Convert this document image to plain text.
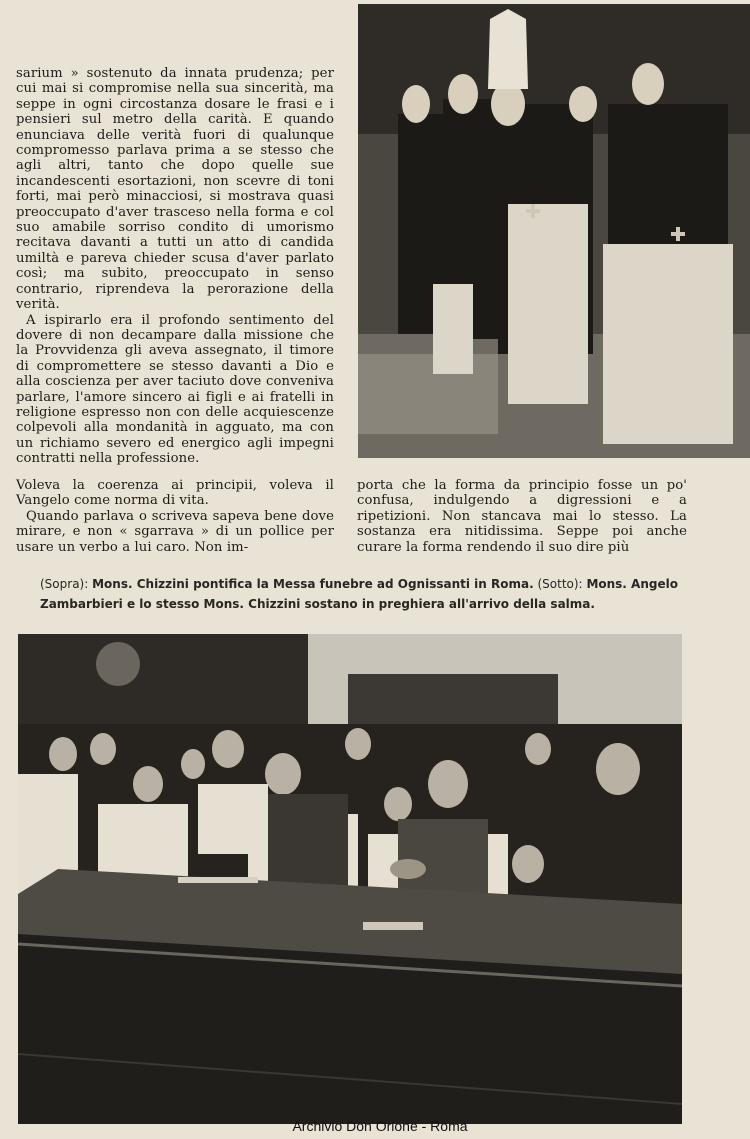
sarium » sostenuto da innata prudenza; per cui mai si compromise nella sua sincerità, ma seppe in ogni circostanza dosare le frasi e i pensieri sul metro della carità. E quando enunciava delle verità fuori di qualunque compromesso parlava prima a se stesso che agli altri, tanto che dopo quelle sue incandescenti esortazioni, non scevre di toni forti, mai però minacciosi, si mostrava quasi preoccupato d'aver trasceso nella forma e col suo amabile sorriso condito di umorismo recitava davanti a tutti un atto di candida umiltà e pareva chieder scusa d'aver parlato così; ma subito, preoccupato in senso contrario, riprendeva la perorazione della verità.

A ispirarlo era il profondo sentimento del dovere di non decampare dalla missione che la Provvidenza gli aveva assegnato, il timore di compromettere se stesso davanti a Dio e alla coscienza per aver taciuto dove conveniva parlare, l'amore sincero ai figli e ai fratelli in religione espresso non con delle acquiescenze colpevoli alla mondanità in agguato, ma con un richiamo severo ed energico agli impegni contratti nella professione.

Voleva la coerenza ai principii, voleva il Vangelo come norma di vita.

Quando parlava o scriveva sapeva bene dove mirare, e non « sgarrava » di un pollice per usare un verbo a lui caro. Non im-

porta che la forma da principio fosse un po' confusa, indulgendo a digressioni e a ripetizioni. Non stancava mai lo stesso. La sostanza era nitidissima. Seppe poi anche curare la forma rendendo il suo dire più

(Sopra): Mons. Chizzini pontifica la Messa funebre ad Ognissanti in Roma. (Sotto): Mons. Angelo Zambarbieri e lo stesso Mons. Chizzini sostano in preghiera all'arrivo della salma.
Archivio Don Orione - Roma
